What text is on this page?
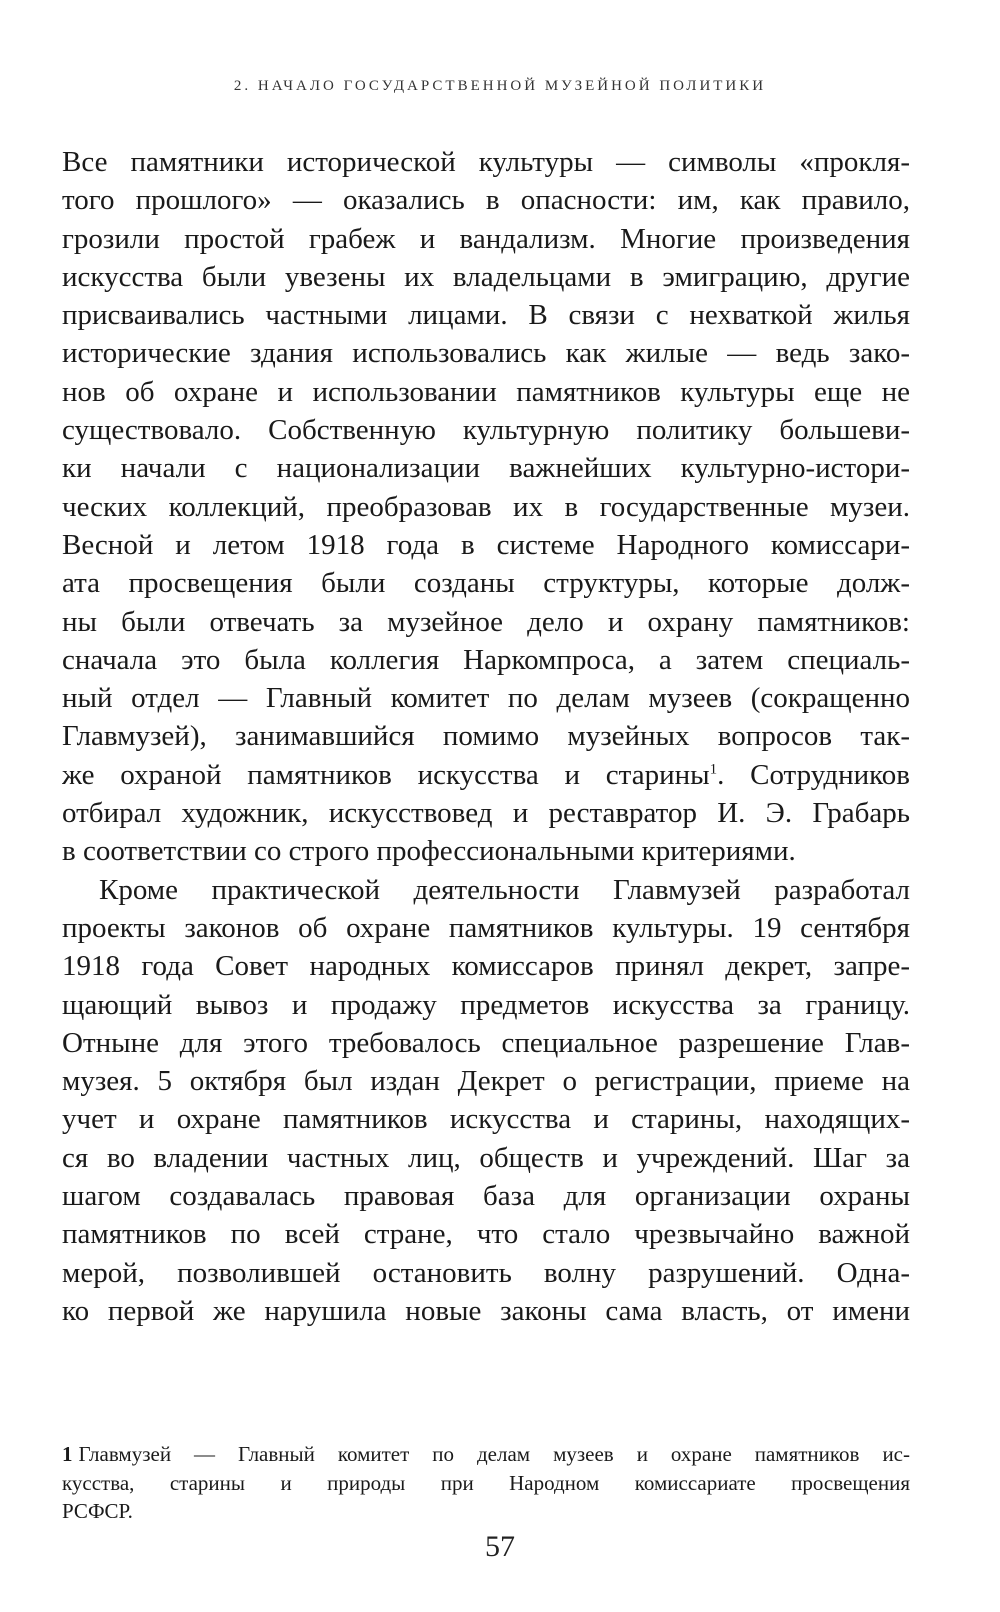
2. НАЧАЛО ГОСУДАРСТВЕННОЙ МУЗЕЙНОЙ ПОЛИТИКИ
Все памятники исторической культуры — символы «прокля-
того прошлого» — оказались в опасности: им, как правило,
грозили простой грабеж и вандализм. Многие произведения
искусства были увезены их владельцами в эмиграцию, другие
присваивались частными лицами. В связи с нехваткой жилья
исторические здания использовались как жилые — ведь зако-
нов об охране и использовании памятников культуры еще не
существовало. Собственную культурную политику большеви-
ки начали с национализации важнейших культурно-истори-
ческих коллекций, преобразовав их в государственные музеи.
Весной и летом 1918 года в системе Народного комиссари-
ата просвещения были созданы структуры, которые долж-
ны были отвечать за музейное дело и охрану памятников:
сначала это была коллегия Наркомпроса, а затем специаль-
ный отдел — Главный комитет по делам музеев (сокращенно
Главмузей), занимавшийся помимо музейных вопросов так-
же охраной памятников искусства и старины$^1$. Сотрудников
отбирал художник, искусствовед и реставратор И. Э. Грабарь
в соответствии со строго профессиональными критериями.
Кроме практической деятельности Главмузей разработал
проекты законов об охране памятников культуры. 19 сентября
1918 года Совет народных комиссаров принял декрет, запре-
щающий вывоз и продажу предметов искусства за границу.
Отныне для этого требовалось специальное разрешение Глав-
музея. 5 октября был издан Декрет о регистрации, приеме на
учет и охране памятников искусства и старины, находящих-
ся во владении частных лиц, обществ и учреждений. Шаг за
шагом создавалась правовая база для организации охраны
памятников по всей стране, что стало чрезвычайно важной
мерой, позволившей остановить волну разрушений. Одна-
ко первой же нарушила новые законы сама власть, от имени
1 Главмузей — Главный комитет по делам музеев и охране памятников ис-
кусства, старины и природы при Народном комиссариате просвещения
РСФСР.
57
